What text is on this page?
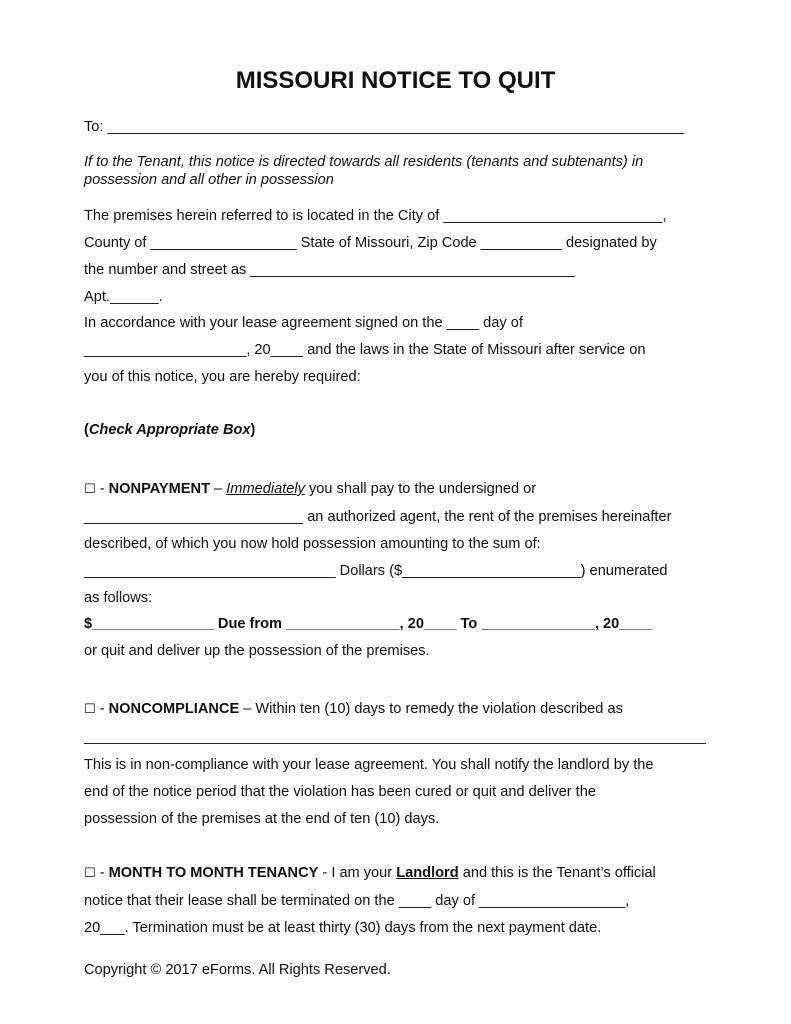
MISSOURI NOTICE TO QUIT

To: _______________________________________________________________________

If to the Tenant, this notice is directed towards all residents (tenants and subtenants) in

possession and all other in possession

The premises herein referred to is located in the City of ___________________________,

County of __________________ State of Missouri, Zip Code __________ designated by

the number and street as ________________________________________

Apt.______.

In accordance with your lease agreement signed on the ____ day of

____________________, 20____ and the laws in the State of Missouri after service on

you of this notice, you are hereby required:

(Check Appropriate Box)

☐ - NONPAYMENT – Immediately you shall pay to the undersigned or

___________________________ an authorized agent, the rent of the premises hereinafter

described, of which you now hold possession amounting to the sum of:

_______________________________ Dollars ($______________________) enumerated

as follows:

$_______________ Due from ______________, 20____ To ______________, 20____

or quit and deliver up the possession of the premises.

☐ - NONCOMPLIANCE – Within ten (10) days to remedy the violation described as

This is in non-compliance with your lease agreement. You shall notify the landlord by the

end of the notice period that the violation has been cured or quit and deliver the

possession of the premises at the end of ten (10) days.

☐ - MONTH TO MONTH TENANCY - I am your Landlord and this is the Tenant’s official

notice that their lease shall be terminated on the ____ day of __________________,

20___. Termination must be at least thirty (30) days from the next payment date.

Copyright © 2017 eForms. All Rights Reserved.
